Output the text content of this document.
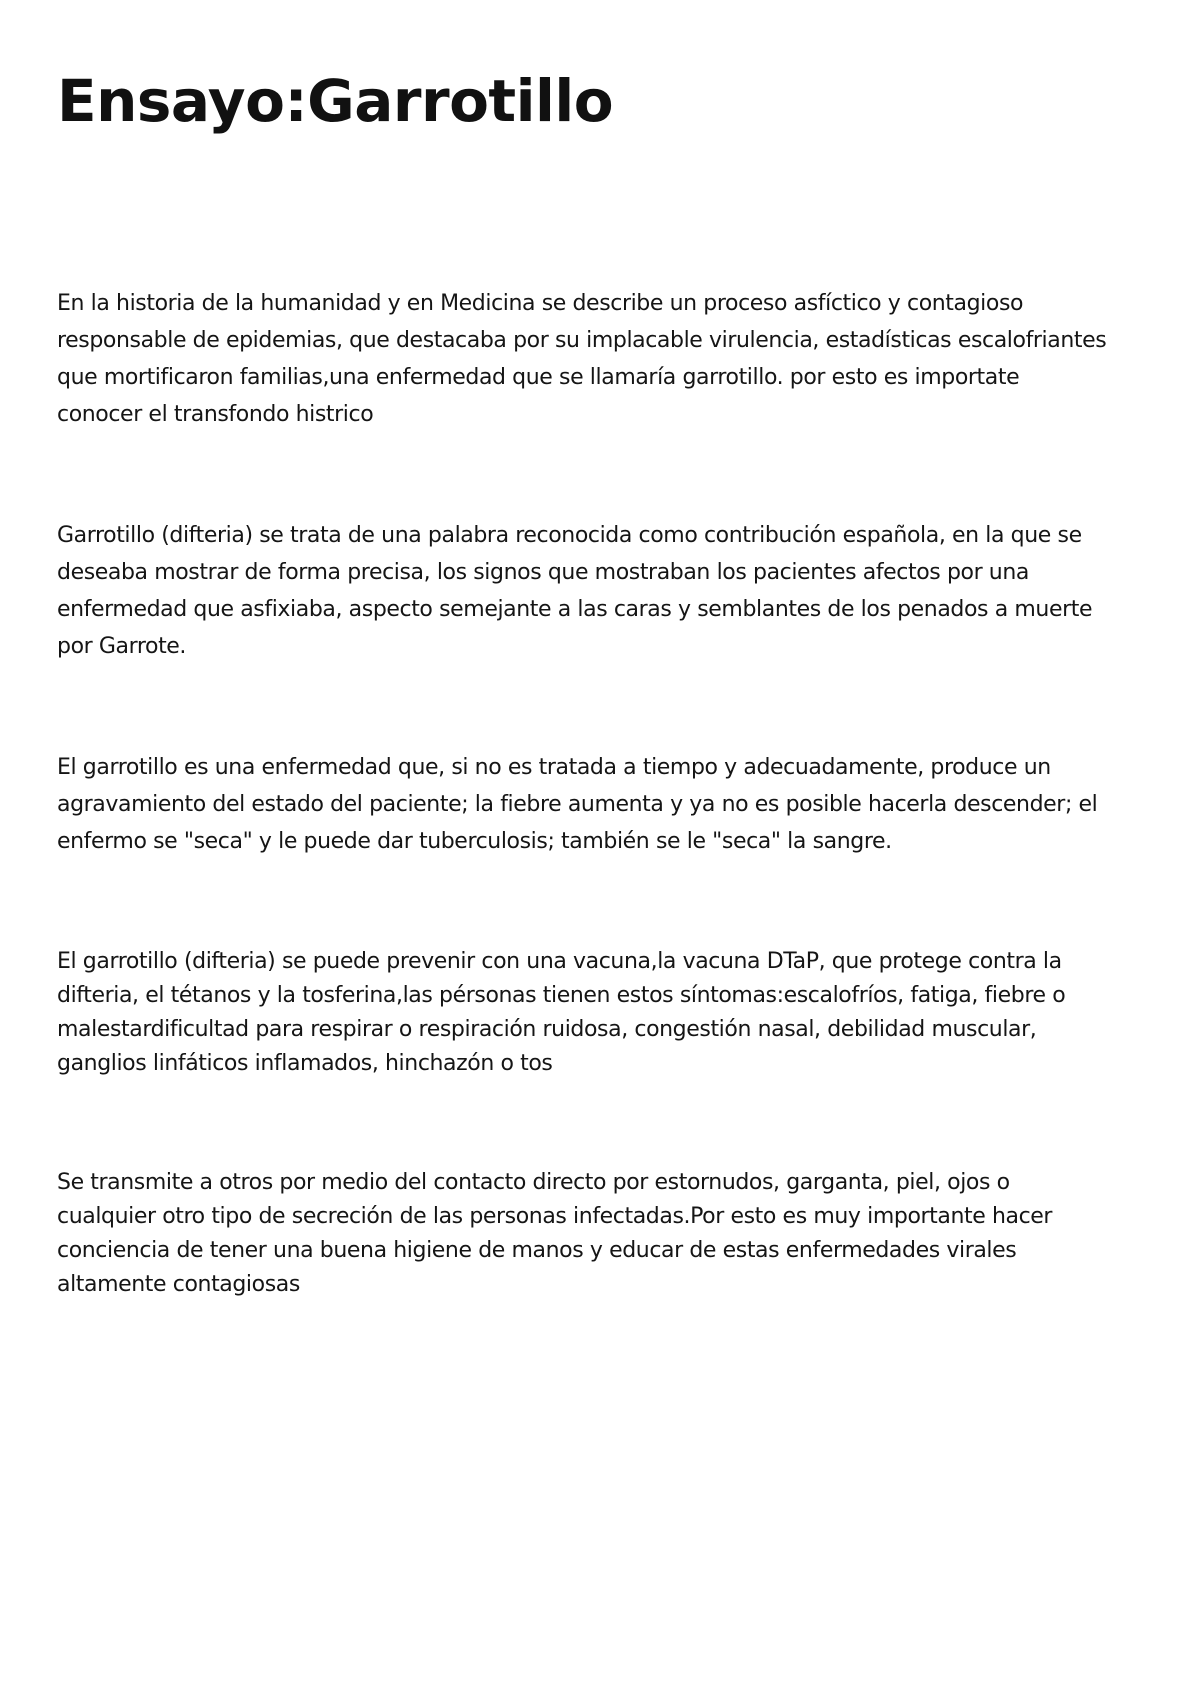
Ensayo:Garrotillo

En la historia de la humanidad y en Medicina se describe un proceso asfíctico y contagioso responsable de epidemias, que destacaba por su implacable virulencia, estadísticas escalofriantes que mortificaron familias,una enfermedad que se llamaría garrotillo. por esto es importate conocer el transfondo histrico

Garrotillo (difteria) se trata de una palabra reconocida como contribución española, en la que se deseaba mostrar de forma precisa, los signos que mostraban los pacientes afectos por una enfermedad que asfixiaba, aspecto semejante a las caras y semblantes de los penados a muerte por Garrote.

El garrotillo es una enfermedad que, si no es tratada a tiempo y adecuadamente, produce un agravamiento del estado del paciente; la fiebre aumenta y ya no es posible hacerla descender; el enfermo se "seca" y le puede dar tuberculosis; también se le "seca" la sangre.

El garrotillo (difteria) se puede prevenir con una vacuna,la vacuna DTaP, que protege contra la difteria, el tétanos y la tosferina,las pérsonas tienen estos síntomas:escalofríos, fatiga, fiebre o malestardificultad para respirar o respiración ruidosa, congestión nasal, debilidad muscular, ganglios linfáticos inflamados, hinchazón o tos

Se transmite a otros por medio del contacto directo por estornudos, garganta, piel, ojos o cualquier otro tipo de secreción de las personas infectadas.Por esto es muy importante hacer conciencia de tener una buena higiene de manos y educar de estas enfermedades virales altamente contagiosas
